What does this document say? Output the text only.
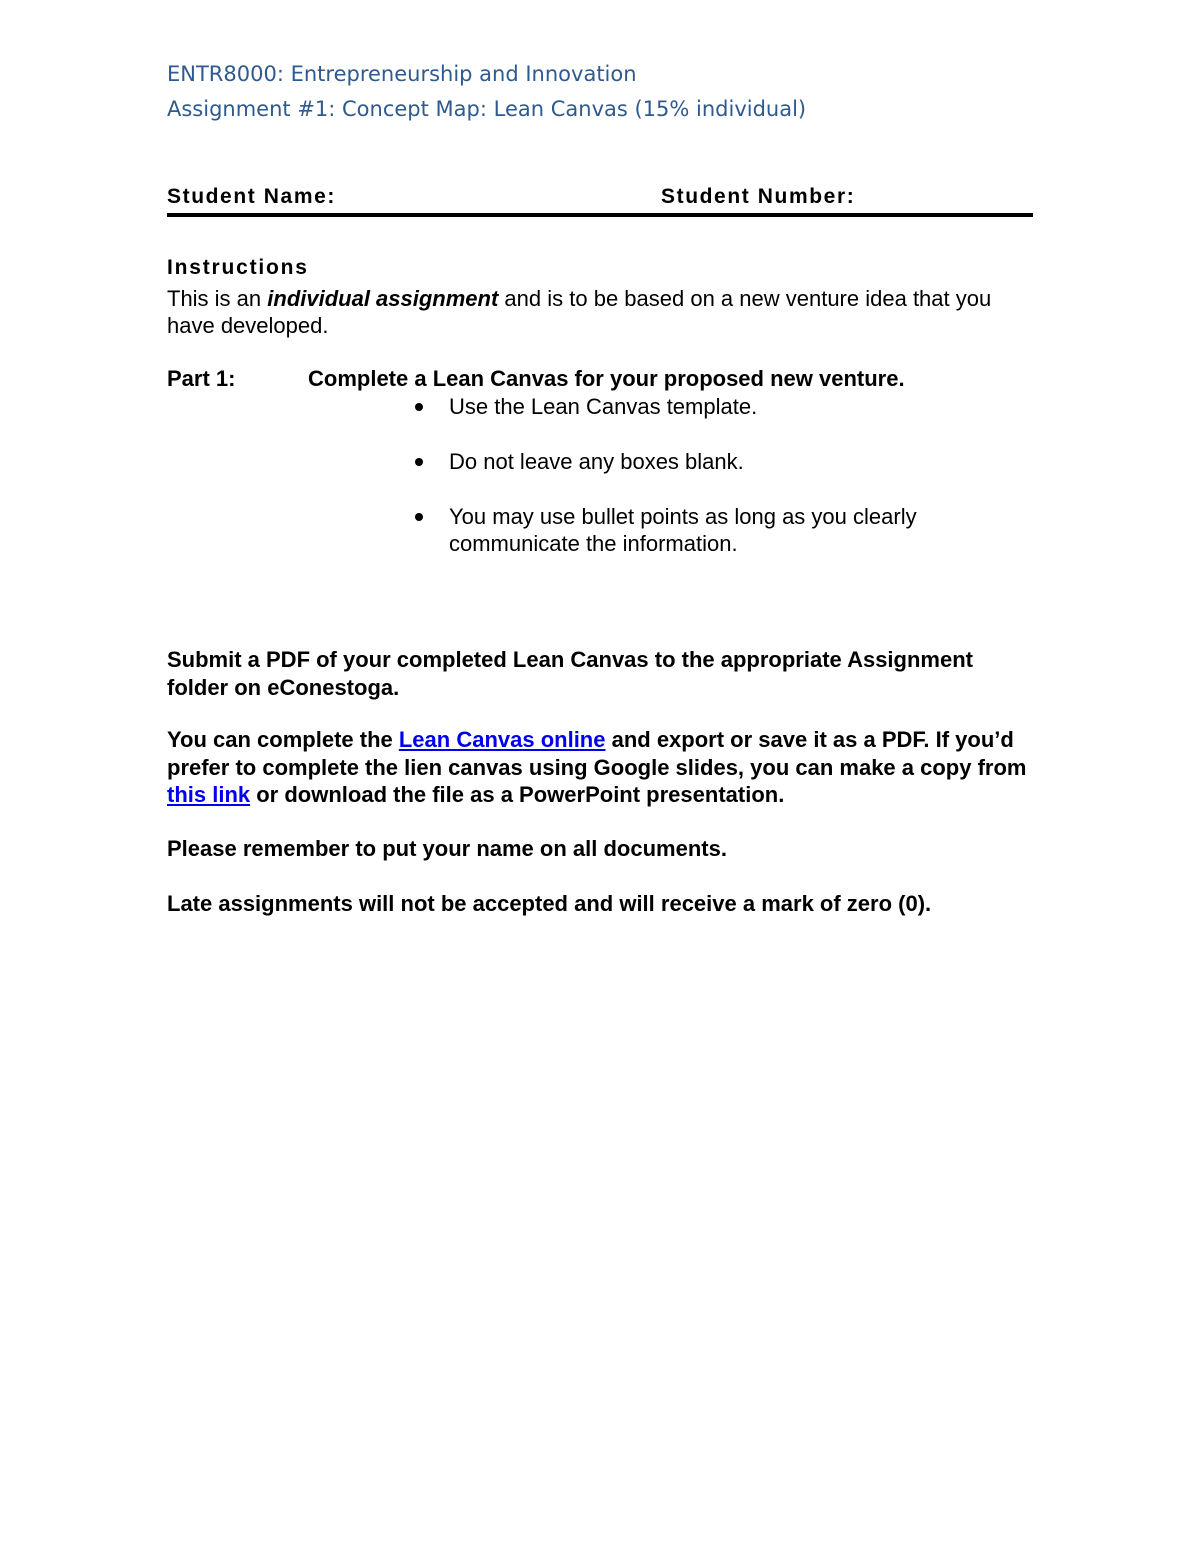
ENTR8000: Entrepreneurship and Innovation
Assignment #1: Concept Map: Lean Canvas (15% individual)
Student Name:	Student Number:
Instructions
This is an individual assignment and is to be based on a new venture idea that you have developed.
Part 1:	Complete a Lean Canvas for your proposed new venture.
Use the Lean Canvas template.
Do not leave any boxes blank.
You may use bullet points as long as you clearly communicate the information.
Submit a PDF of your completed Lean Canvas to the appropriate Assignment folder on eConestoga.
You can complete the Lean Canvas online and export or save it as a PDF. If you’d prefer to complete the lien canvas using Google slides, you can make a copy from this link or download the file as a PowerPoint presentation.
Please remember to put your name on all documents.
Late assignments will not be accepted and will receive a mark of zero (0).
